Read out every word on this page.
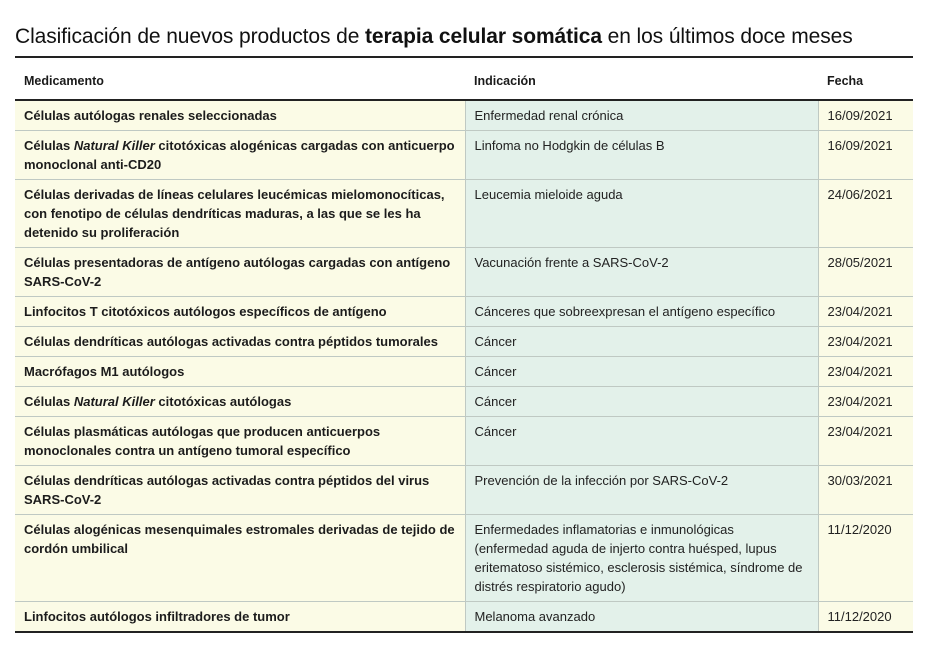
Clasificación de nuevos productos de terapia celular somática en los últimos doce meses
Medicamento	Indicación	Fecha
Células autólogas renales seleccionadas	Enfermedad renal crónica	16/09/2021
Células Natural Killer citotóxicas alogénicas cargadas con anticuerpo monoclonal anti-CD20	Linfoma no Hodgkin de células B	16/09/2021
Células derivadas de líneas celulares leucémicas mielomonocíticas, con fenotipo de células dendríticas maduras, a las que se les ha detenido su proliferación	Leucemia mieloide aguda	24/06/2021
Células presentadoras de antígeno autólogas cargadas con antígeno SARS-CoV-2	Vacunación frente a SARS-CoV-2	28/05/2021
Linfocitos T citotóxicos autólogos específicos de antígeno	Cánceres que sobreexpresan el antígeno específico	23/04/2021
Células dendríticas autólogas activadas contra péptidos tumorales	Cáncer	23/04/2021
Macrófagos M1 autólogos	Cáncer	23/04/2021
Células Natural Killer citotóxicas autólogas	Cáncer	23/04/2021
Células plasmáticas autólogas que producen anticuerpos monoclonales contra un antígeno tumoral específico	Cáncer	23/04/2021
Células dendríticas autólogas activadas contra péptidos del virus SARS-CoV-2	Prevención de la infección por SARS-CoV-2	30/03/2021
Células alogénicas mesenquimales estromales derivadas de tejido de cordón umbilical	Enfermedades inflamatorias e inmunológicas (enfermedad aguda de injerto contra huésped, lupus eritematoso sistémico, esclerosis sistémica, síndrome de distrés respiratorio agudo)	11/12/2020
Linfocitos autólogos infiltradores de tumor	Melanoma avanzado	11/12/2020
